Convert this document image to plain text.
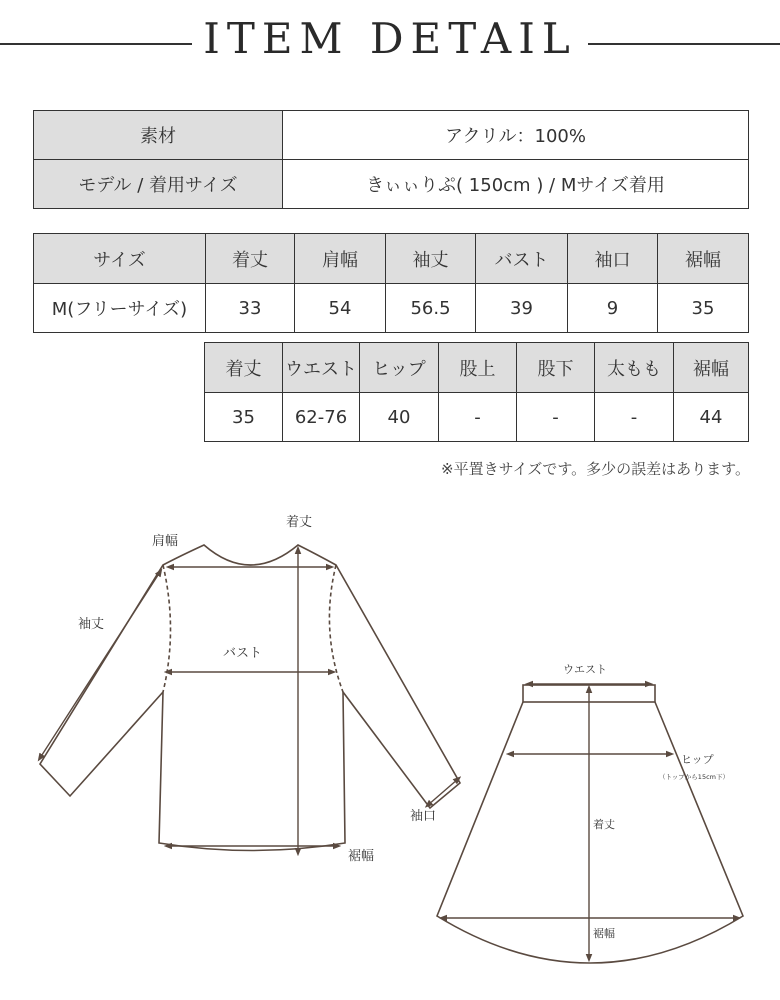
ITEM DETAIL
素材	アクリル：100%
モデル / 着用サイズ	きぃぃりぷ( 150cm ) / Mサイズ着用
サイズ	着丈	肩幅	袖丈	バスト	袖口	裾幅
M(フリーサイズ)	33	54	56.5	39	9	35
着丈	ウエスト	ヒップ	股上	股下	太もも	裾幅
35	62-76	40	-	-	-	44
※平置きサイズです。多少の誤差はあります。
肩幅
着丈
袖丈
バスト
袖口
裾幅
ウエスト
ヒップ
（トップから15cm下）
着丈
裾幅
